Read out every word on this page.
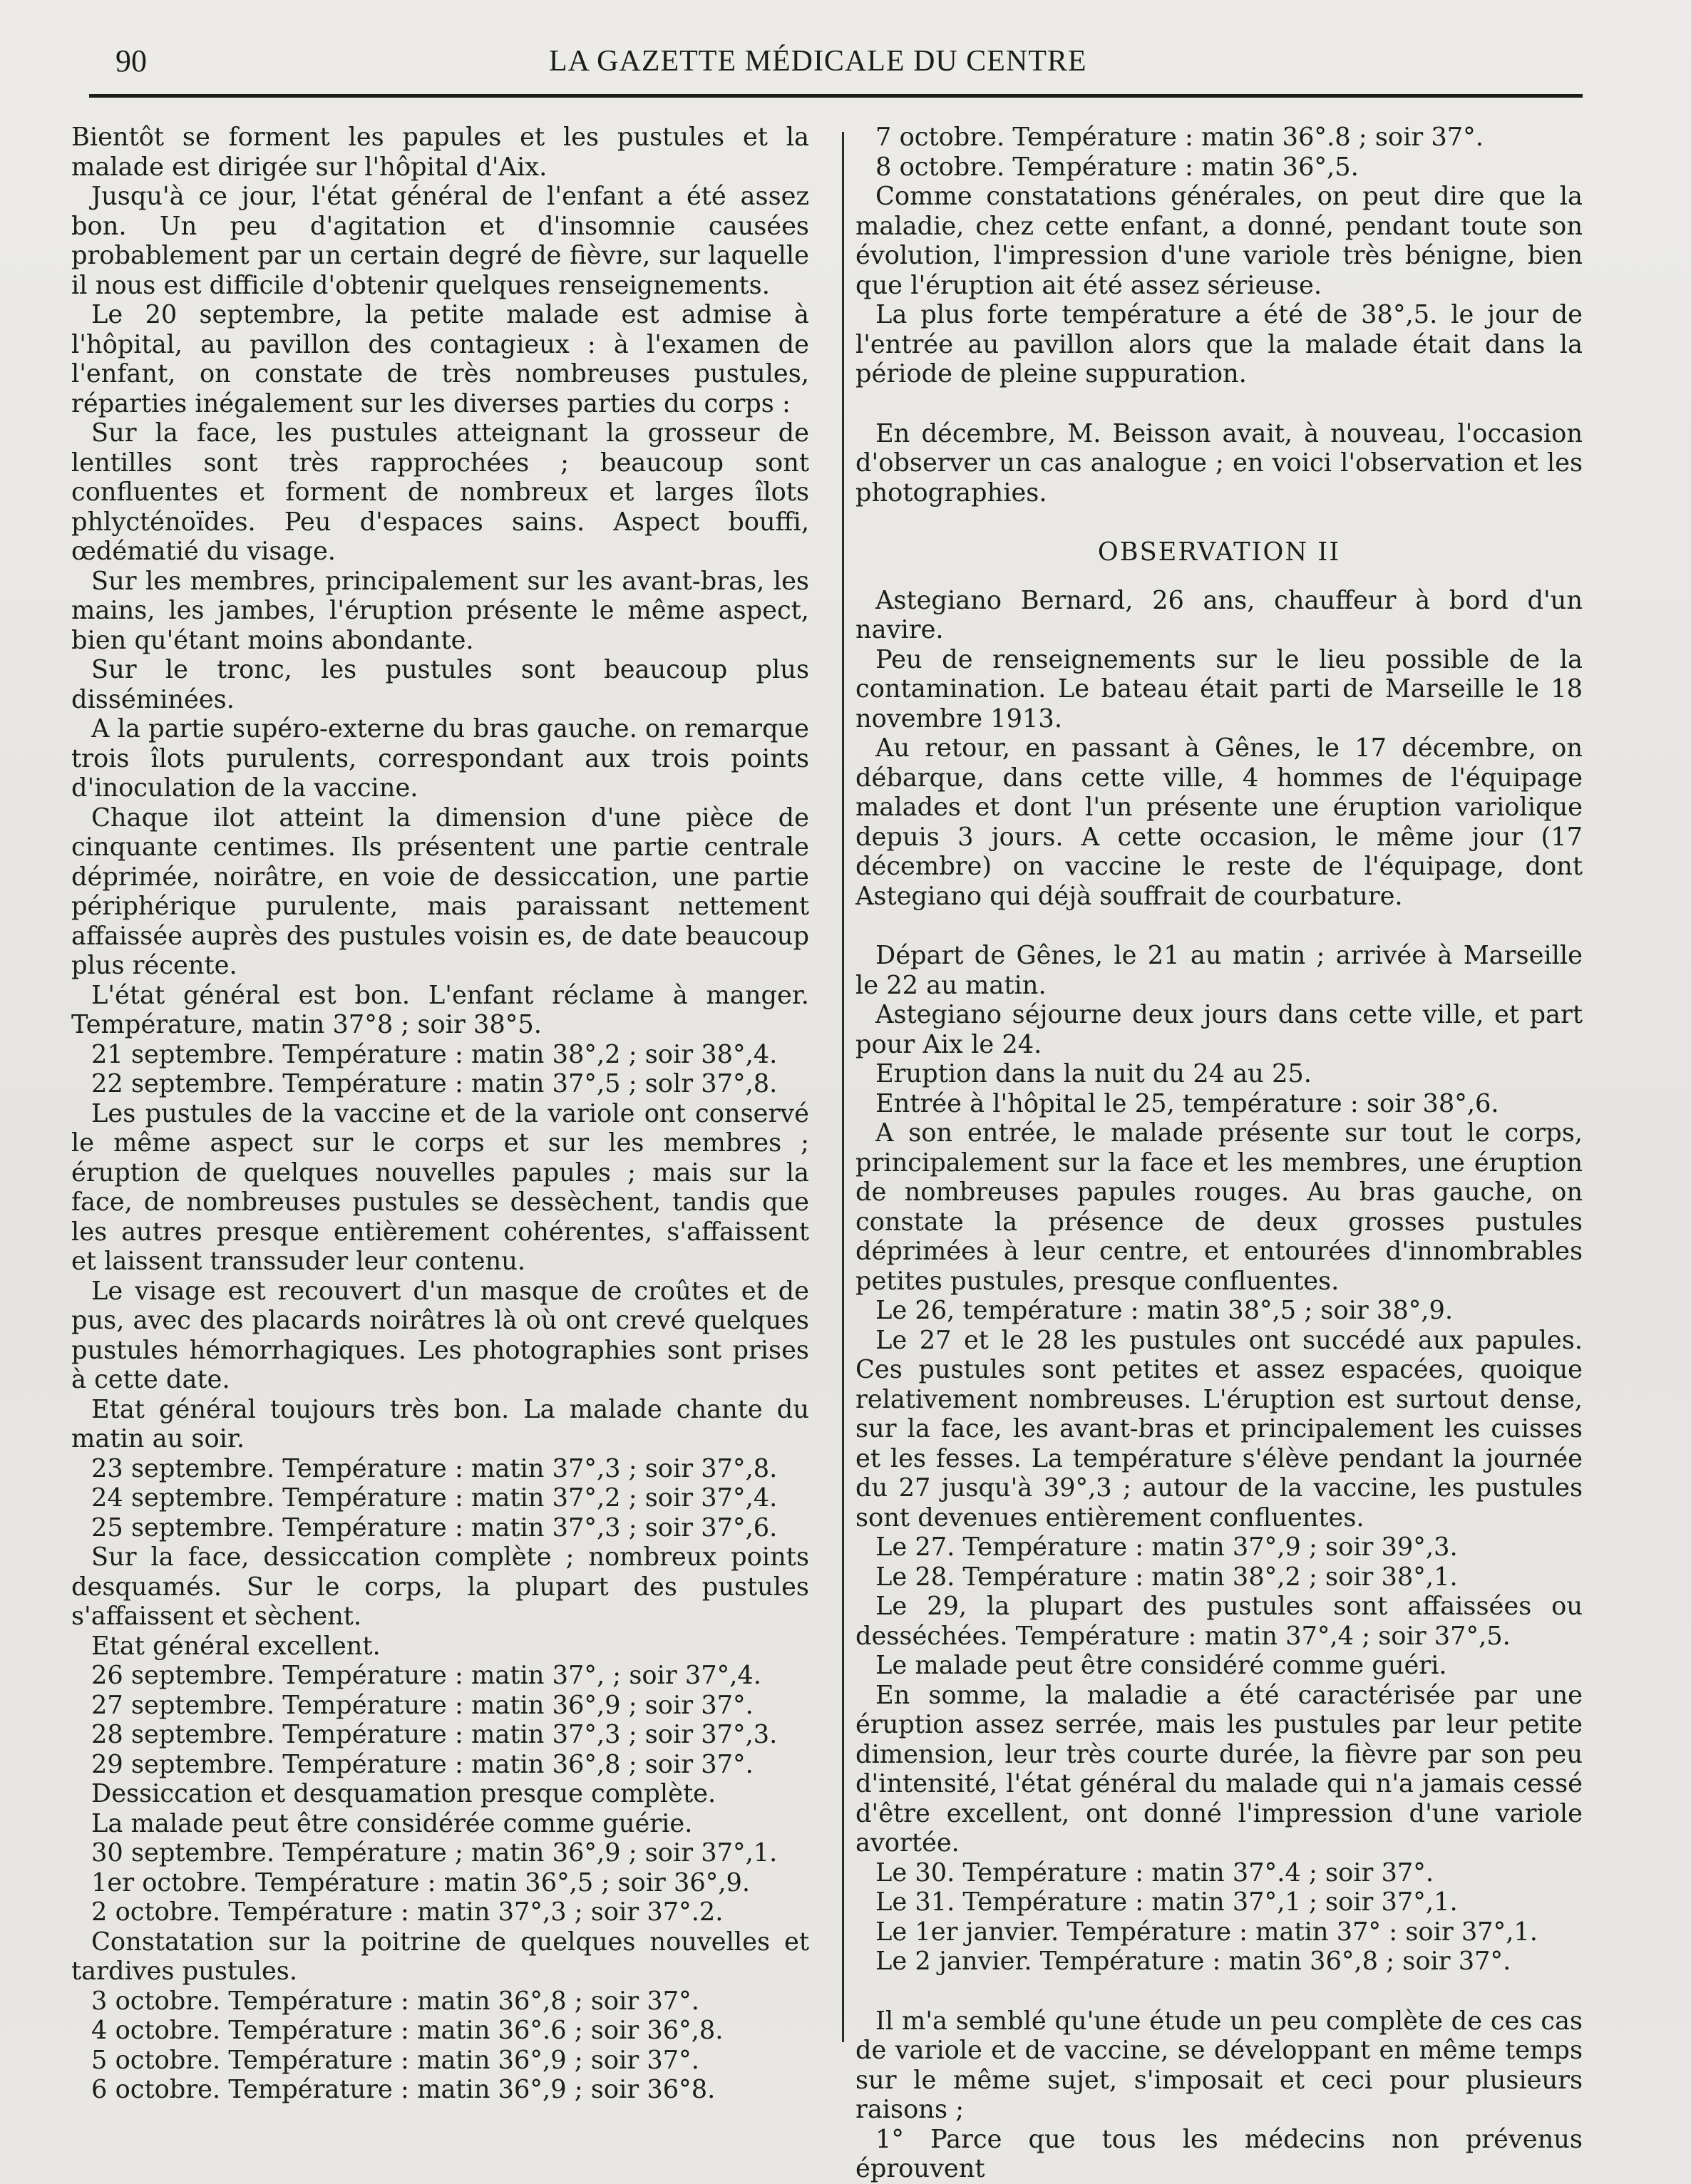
90	LA GAZETTE MÉDICALE DU CENTRE

Bientôt se forment les papules et les pustules et la malade est dirigée sur l'hôpital d'Aix.

Jusqu'à ce jour, l'état général de l'enfant a été assez bon. Un peu d'agitation et d'insomnie causées probablement par un certain degré de fièvre, sur laquelle il nous est difficile d'obtenir quelques renseignements.

Le 20 septembre, la petite malade est admise à l'hôpital, au pavillon des contagieux : à l'examen de l'enfant, on constate de très nombreuses pustules, réparties inégalement sur les diverses parties du corps :

Sur la face, les pustules atteignant la grosseur de lentilles sont très rapprochées ; beaucoup sont confluentes et forment de nombreux et larges îlots phlycténoïdes. Peu d'espaces sains. Aspect bouffi, œdématié du visage.

Sur les membres, principalement sur les avant-bras, les mains, les jambes, l'éruption présente le même aspect, bien qu'étant moins abondante.

Sur le tronc, les pustules sont beaucoup plus disséminées.

A la partie supéro-externe du bras gauche. on remarque trois îlots purulents, correspondant aux trois points d'inoculation de la vaccine.

Chaque ilot atteint la dimension d'une pièce de cinquante centimes. Ils présentent une partie centrale déprimée, noirâtre, en voie de dessiccation, une partie périphérique purulente, mais paraissant nettement affaissée auprès des pustules voisin es, de date beaucoup plus récente.

L'état général est bon. L'enfant réclame à manger. Température, matin 37°8 ; soir 38°5.

21 septembre. Température : matin 38°,2 ; soir 38°,4.

22 septembre. Température : matin 37°,5 ; solr 37°,8.

Les pustules de la vaccine et de la variole ont conservé le même aspect sur le corps et sur les membres ; éruption de quelques nouvelles papules ; mais sur la face, de nombreuses pustules se dessèchent, tandis que les autres presque entièrement cohérentes, s'affaissent et laissent transsuder leur contenu.

Le visage est recouvert d'un masque de croûtes et de pus, avec des placards noirâtres là où ont crevé quelques pustules hémorrhagiques. Les photographies sont prises à cette date.

Etat général toujours très bon. La malade chante du matin au soir.

23 septembre. Température : matin 37°,3 ; soir 37°,8.

24 septembre. Température : matin 37°,2 ; soir 37°,4.

25 septembre. Température : matin 37°,3 ; soir 37°,6.

Sur la face, dessiccation complète ; nombreux points desquamés. Sur le corps, la plupart des pustules s'affaissent et sèchent.

Etat général excellent.

26 septembre. Température : matin 37°, ; soir 37°,4.

27 septembre. Température : matin 36°,9 ; soir 37°.

28 septembre. Température : matin 37°,3 ; soir 37°,3.

29 septembre. Température : matin 36°,8 ; soir 37°.

Dessiccation et desquamation presque complète.

La malade peut être considérée comme guérie.

30 septembre. Température ; matin 36°,9 ; soir 37°,1.

1er octobre. Température : matin 36°,5 ; soir 36°,9.

2 octobre. Température : matin 37°,3 ; soir 37°.2.

Constatation sur la poitrine de quelques nouvelles et tardives pustules.

3 octobre. Température : matin 36°,8 ; soir 37°.

4 octobre. Température : matin 36°.6 ; soir 36°,8.

5 octobre. Température : matin 36°,9 ; soir 37°.

6 octobre. Température : matin 36°,9 ; soir 36°8.

7 octobre. Température : matin 36°.8 ; soir 37°.

8 octobre. Température : matin 36°,5.

Comme constatations générales, on peut dire que la maladie, chez cette enfant, a donné, pendant toute son évolution, l'impression d'une variole très bénigne, bien que l'éruption ait été assez sérieuse.

La plus forte température a été de 38°,5. le jour de l'entrée au pavillon alors que la malade était dans la période de pleine suppuration.

En décembre, M. Beisson avait, à nouveau, l'occasion d'observer un cas analogue ; en voici l'observation et les photographies.

OBSERVATION II

Astegiano Bernard, 26 ans, chauffeur à bord d'un navire.

Peu de renseignements sur le lieu possible de la contamination. Le bateau était parti de Marseille le 18 novembre 1913.

Au retour, en passant à Gênes, le 17 décembre, on débarque, dans cette ville, 4 hommes de l'équipage malades et dont l'un présente une éruption variolique depuis 3 jours. A cette occasion, le même jour (17 décembre) on vaccine le reste de l'équipage, dont Astegiano qui déjà souffrait de courbature.

Départ de Gênes, le 21 au matin ; arrivée à Marseille le 22 au matin.

Astegiano séjourne deux jours dans cette ville, et part pour Aix le 24.

Eruption dans la nuit du 24 au 25.

Entrée à l'hôpital le 25, température : soir 38°,6.

A son entrée, le malade présente sur tout le corps, principalement sur la face et les membres, une éruption de nombreuses papules rouges. Au bras gauche, on constate la présence de deux grosses pustules déprimées à leur centre, et entourées d'innombrables petites pustules, presque confluentes.

Le 26, température : matin 38°,5 ; soir 38°,9.

Le 27 et le 28 les pustules ont succédé aux papules. Ces pustules sont petites et assez espacées, quoique relativement nombreuses. L'éruption est surtout dense, sur la face, les avant-bras et principalement les cuisses et les fesses. La température s'élève pendant la journée du 27 jusqu'à 39°,3 ; autour de la vaccine, les pustules sont devenues entièrement confluentes.

Le 27. Température : matin 37°,9 ; soir 39°,3.

Le 28. Température : matin 38°,2 ; soir 38°,1.

Le 29, la plupart des pustules sont affaissées ou desséchées. Température : matin 37°,4 ; soir 37°,5.

Le malade peut être considéré comme guéri.

En somme, la maladie a été caractérisée par une éruption assez serrée, mais les pustules par leur petite dimension, leur très courte durée, la fièvre par son peu d'intensité, l'état général du malade qui n'a jamais cessé d'être excellent, ont donné l'impression d'une variole avortée.

Le 30. Température : matin 37°.4 ; soir 37°.

Le 31. Température : matin 37°,1 ; soir 37°,1.

Le 1er janvier. Température : matin 37° : soir 37°,1.

Le 2 janvier. Température : matin 36°,8 ; soir 37°.

Il m'a semblé qu'une étude un peu complète de ces cas de variole et de vaccine, se développant en même temps sur le même sujet, s'imposait et ceci pour plusieurs raisons ;

1° Parce que tous les médecins non prévenus éprouvent
